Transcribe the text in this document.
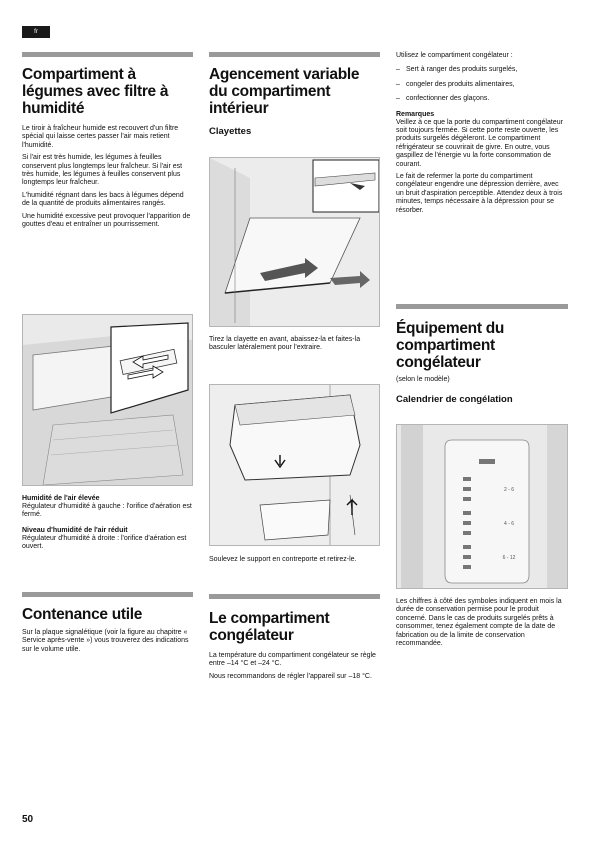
fr
Compartiment à légumes avec filtre à humidité
Le tiroir à fraîcheur humide est recouvert d'un filtre spécial qui laisse certes passer l'air mais retient l'humidité.
Si l'air est très humide, les légumes à feuilles conservent plus longtemps leur fraîcheur. Si l'air est très humide, les légumes à feuilles conservent plus longtemps leur fraîcheur.
L'humidité régnant dans les bacs à légumes dépend de la quantité de produits alimentaires rangés.
Une humidité excessive peut provoquer l'apparition de gouttes d'eau et entraîner un pourrissement.
Humidité de l'air élevée
Régulateur d'humidité à gauche : l'orifice d'aération est fermé.
Niveau d'humidité de l'air réduit
Régulateur d'humidité à droite : l'orifice d'aération est ouvert.
Contenance utile
Sur la plaque signalétique (voir la figure au chapitre « Service après-vente ») vous trouverez des indications sur le volume utile.
Agencement variable du compartiment intérieur
Clayettes
Tirez la clayette en avant, abaissez-la et faites-la basculer latéralement pour l'extraire.
Soulevez le support en contreporte et retirez-le.
Le compartiment congélateur
La température du compartiment congélateur se règle entre –14 °C et –24 °C.
Nous recommandons de régler l'appareil sur –18 °C.
Utilisez le compartiment congélateur :
– Sert à ranger des produits surgelés,
– congeler des produits alimentaires,
– confectionner des glaçons.
Remarques
Veillez à ce que la porte du compartiment congélateur soit toujours fermée. Si cette porte reste ouverte, les produits surgelés dégèleront. Le compartiment réfrigérateur se couvrirait de givre. En outre, vous gaspillez de l'énergie vu la forte consommation de courant.
Le fait de refermer la porte du compartiment congélateur engendre une dépression derrière, avec un bruit d'aspiration perceptible. Attendez deux à trois minutes, temps nécessaire à la dépression pour se résorber.
Équipement du compartiment congélateur
(selon le modèle)
Calendrier de congélation
2 - 6
4 - 6
6 - 12
Les chiffres à côté des symboles indiquent en mois la durée de conservation permise pour le produit concerné. Dans le cas de produits surgelés prêts à consommer, tenez également compte de la date de fabrication ou de la limite de conservation recommandée.
50
